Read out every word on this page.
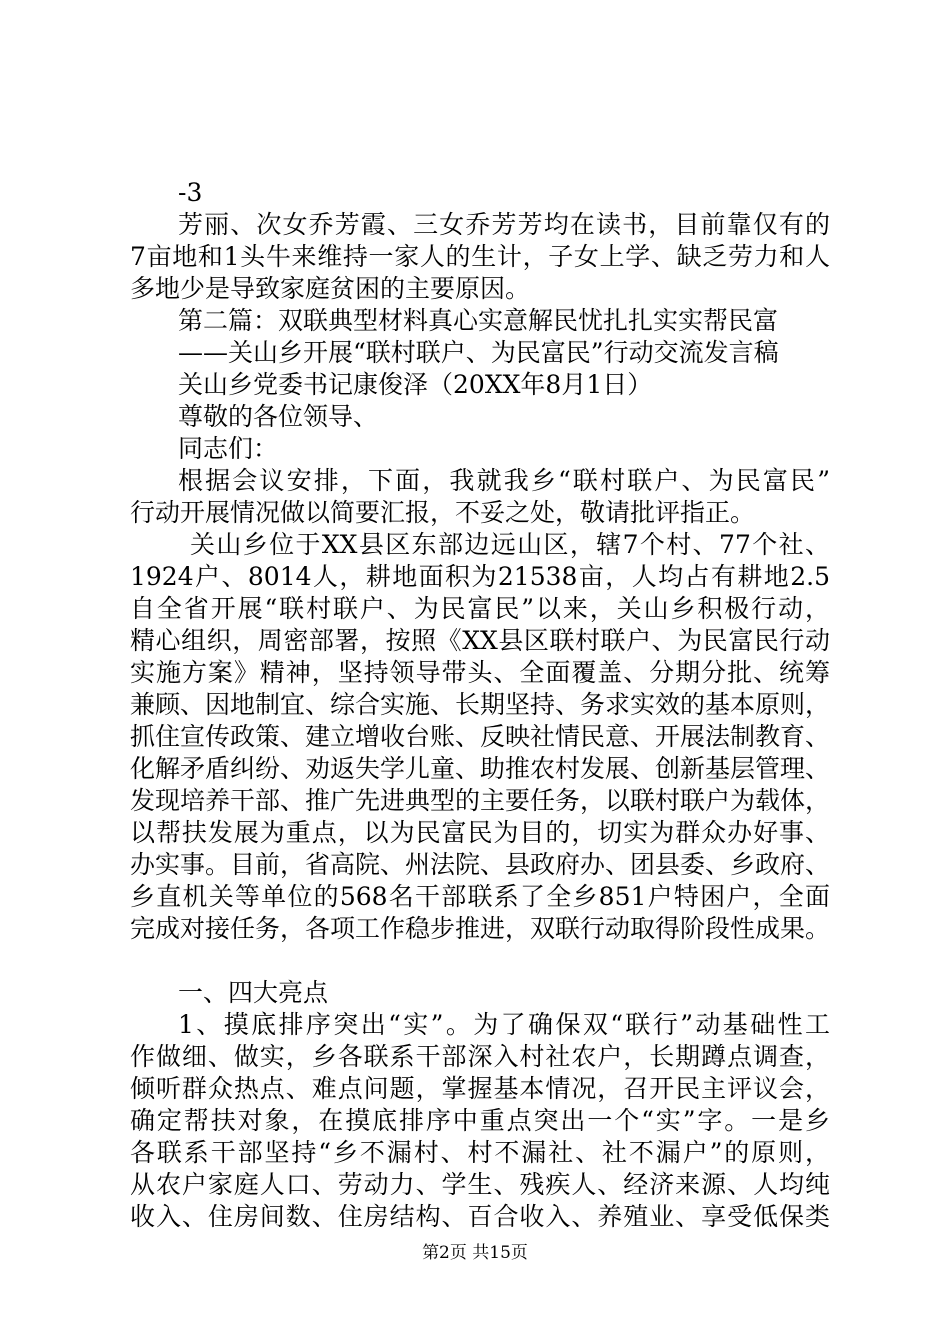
-3
芳丽、次女乔芳霞、三女乔芳芳均在读书，目前靠仅有的
7亩地和1头牛来维持一家人的生计，子女上学、缺乏劳力和人
多地少是导致家庭贫困的主要原因。
第二篇：双联典型材料真心实意解民忧扎扎实实帮民富
——关山乡开展“联村联户、为民富民”行动交流发言稿
关山乡党委书记康俊泽（20XX年8月1日）
尊敬的各位领导、
同志们：
根据会议安排，下面，我就我乡“联村联户、为民富民”
行动开展情况做以简要汇报，不妥之处，敬请批评指正。
关山乡位于XX县区东部边远山区，辖7个村、77个社、
1924户、8014人，耕地面积为21538亩，人均占有耕地2.5
自全省开展“联村联户、为民富民”以来，关山乡积极行动，
精心组织，周密部署，按照《XX县区联村联户、为民富民行动
实施方案》精神，坚持领导带头、全面覆盖、分期分批、统筹
兼顾、因地制宜、综合实施、长期坚持、务求实效的基本原则，
抓住宣传政策、建立增收台账、反映社情民意、开展法制教育、
化解矛盾纠纷、劝返失学儿童、助推农村发展、创新基层管理、
发现培养干部、推广先进典型的主要任务，以联村联户为载体，
以帮扶发展为重点，以为民富民为目的，切实为群众办好事、
办实事。目前，省高院、州法院、县政府办、团县委、乡政府、
乡直机关等单位的568名干部联系了全乡851户特困户，全面
完成对接任务，各项工作稳步推进，双联行动取得阶段性成果。
一、四大亮点
1、摸底排序突出“实”。为了确保双“联行”动基础性工
作做细、做实，乡各联系干部深入村社农户，长期蹲点调查，
倾听群众热点、难点问题，掌握基本情况，召开民主评议会，
确定帮扶对象，在摸底排序中重点突出一个“实”字。一是乡
各联系干部坚持“乡不漏村、村不漏社、社不漏户”的原则，
从农户家庭人口、劳动力、学生、残疾人、经济来源、人均纯
收入、住房间数、住房结构、百合收入、养殖业、享受低保类
第2页 共15页
